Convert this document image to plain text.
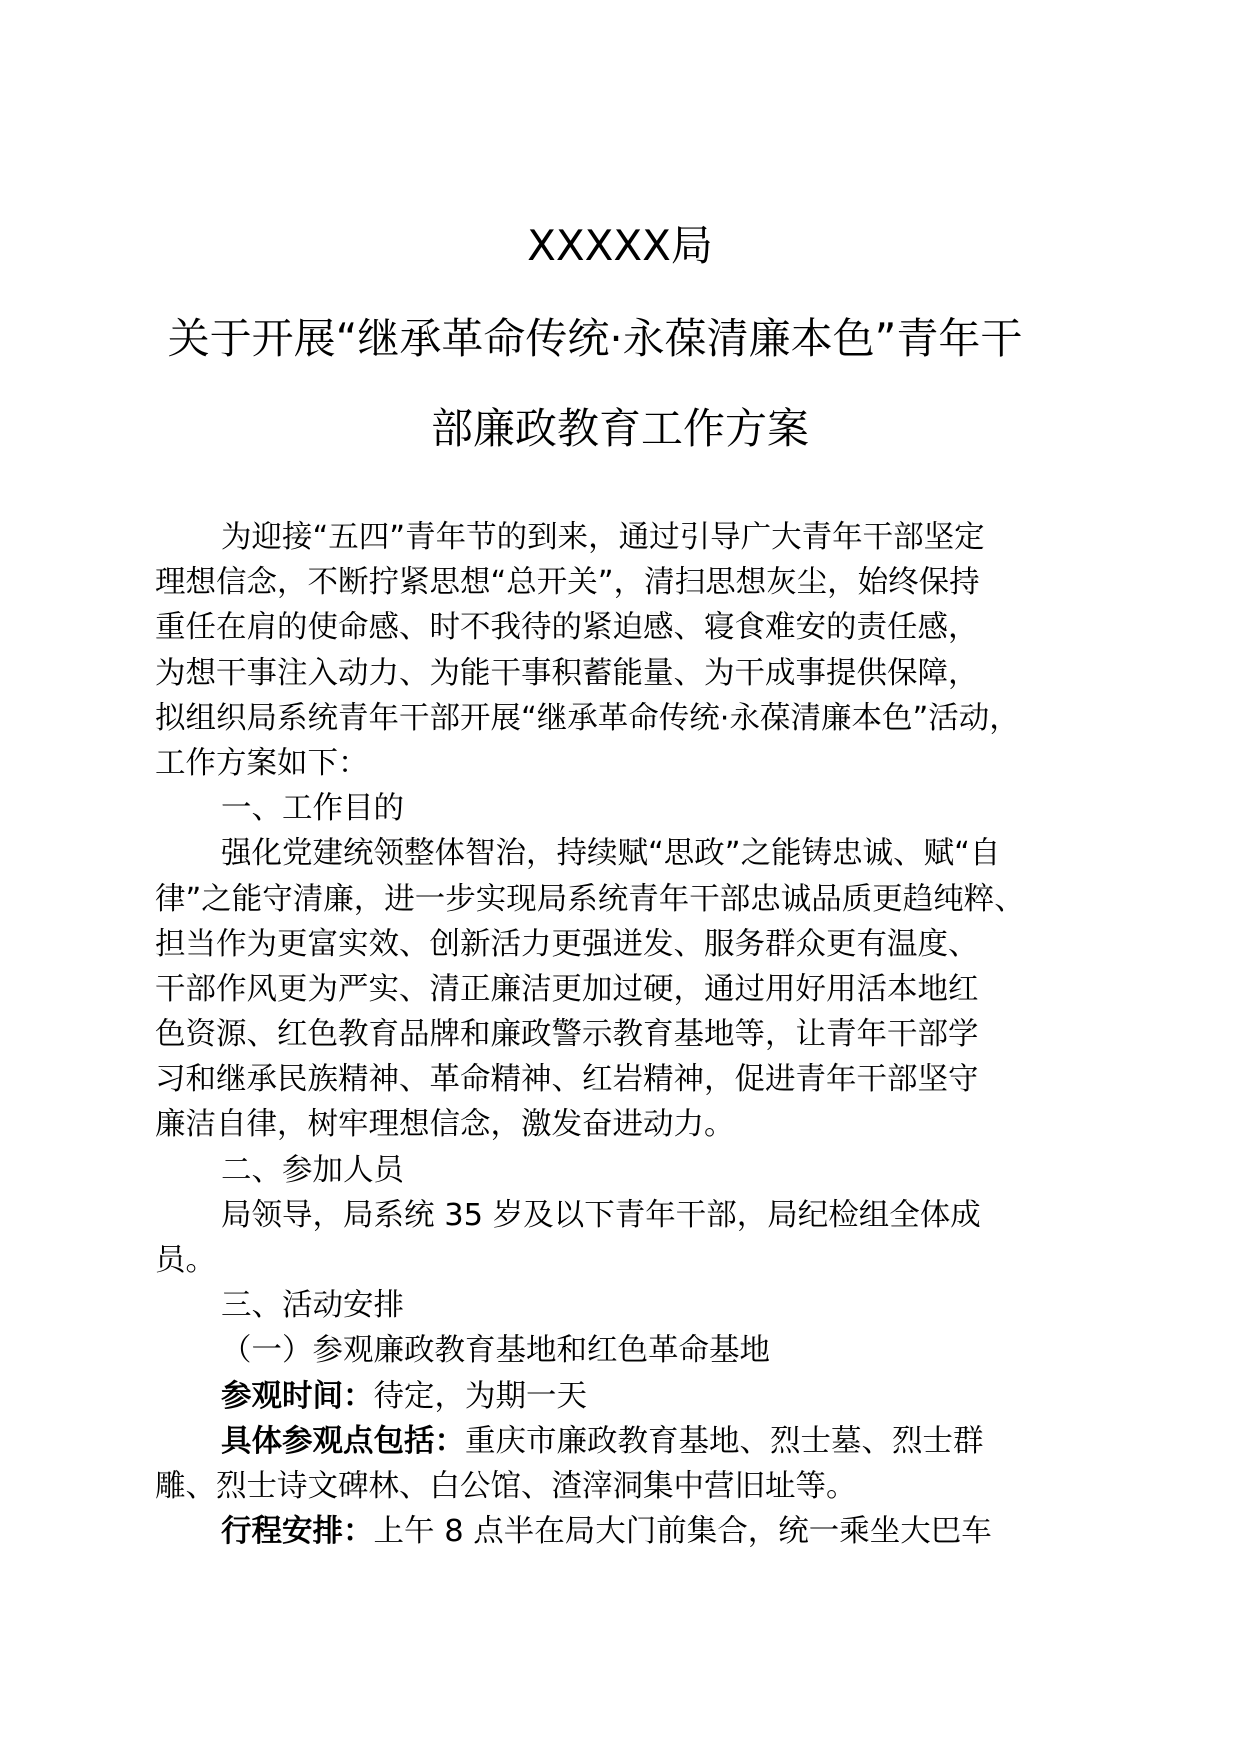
XXXXX局
关于开展“继承革命传统·永葆清廉本色”青年干
部廉政教育工作方案
为迎接“五四”青年节的到来，通过引导广大青年干部坚定
理想信念，不断拧紧思想“总开关”，清扫思想灰尘，始终保持
重任在肩的使命感、时不我待的紧迫感、寝食难安的责任感，
为想干事注入动力、为能干事积蓄能量、为干成事提供保障，
拟组织局系统青年干部开展“继承革命传统·永葆清廉本色”活动，
工作方案如下：
一、工作目的
强化党建统领整体智治，持续赋“思政”之能铸忠诚、赋“自
律”之能守清廉，进一步实现局系统青年干部忠诚品质更趋纯粹、
担当作为更富实效、创新活力更强迸发、服务群众更有温度、
干部作风更为严实、清正廉洁更加过硬，通过用好用活本地红
色资源、红色教育品牌和廉政警示教育基地等，让青年干部学
习和继承民族精神、革命精神、红岩精神，促进青年干部坚守
廉洁自律，树牢理想信念，激发奋进动力。
二、参加人员
局领导，局系统 35 岁及以下青年干部，局纪检组全体成
员。
三、活动安排
（一）参观廉政教育基地和红色革命基地
参观时间：待定，为期一天
具体参观点包括：重庆市廉政教育基地、烈士墓、烈士群
雕、烈士诗文碑林、白公馆、渣滓洞集中营旧址等。
行程安排：上午 8 点半在局大门前集合，统一乘坐大巴车
